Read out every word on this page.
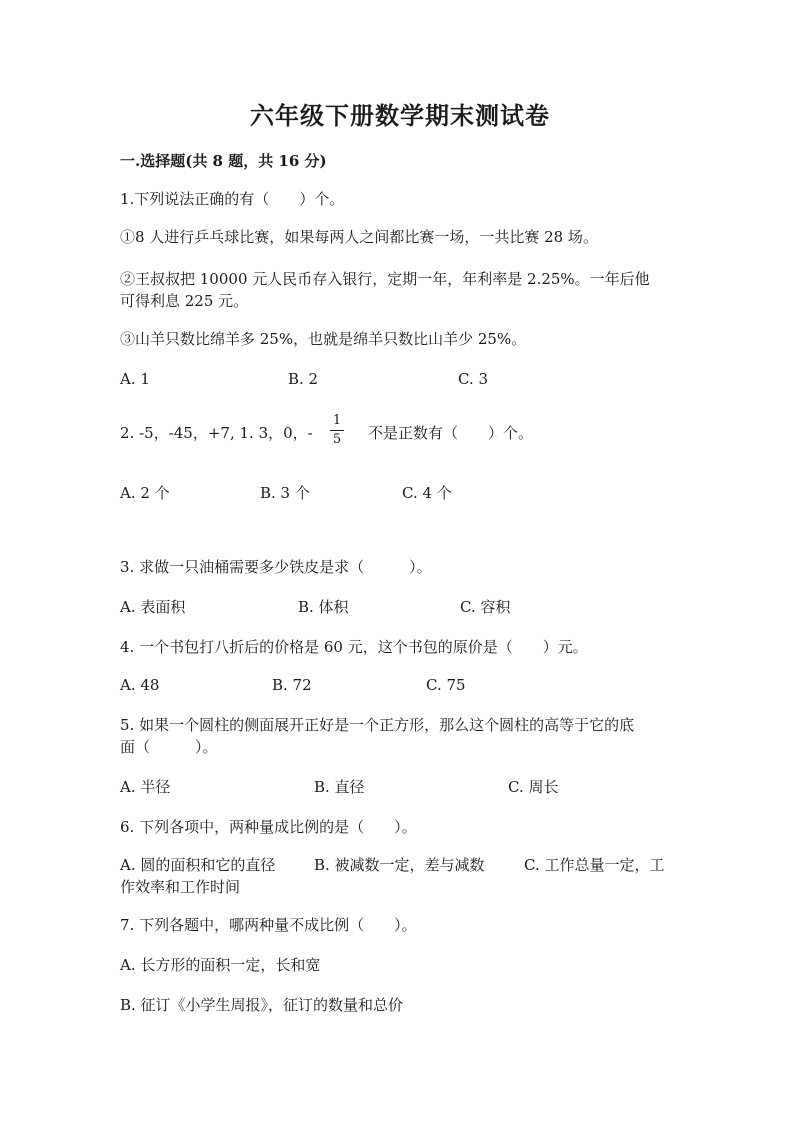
六年级下册数学期末测试卷
一.选择题(共 8 题，共 16 分)
1.下列说法正确的有（　　）个。
①8 人进行乒乓球比赛，如果每两人之间都比赛一场，一共比赛 28 场。
②王叔叔把 10000 元人民币存入银行，定期一年，年利率是 2.25%。一年后他
可得利息 225 元。
③山羊只数比绵羊多 25%，也就是绵羊只数比山羊少 25%。
A. 1	B. 2	C. 3
2. -5，-45，+7, 1. 3，0，-
1
5 不是正数有（　　）个。
A. 2 个	B. 3 个	C. 4 个
3. 求做一只油桶需要多少铁皮是求（　　　）。
A. 表面积	B. 体积	C. 容积
4. 一个书包打八折后的价格是 60 元，这个书包的原价是（　　）元。
A. 48	B. 72	C. 75
5. 如果一个圆柱的侧面展开正好是一个正方形，那么这个圆柱的高等于它的底
面（　　　）。
A. 半径	B. 直径	C. 周长
6. 下列各项中，两种量成比例的是（　　）。
A. 圆的面积和它的直径	B. 被减数一定，差与减数	C. 工作总量一定，工
作效率和工作时间
7. 下列各题中，哪两种量不成比例（　　）。
A. 长方形的面积一定，长和宽
B. 征订《小学生周报》，征订的数量和总价
